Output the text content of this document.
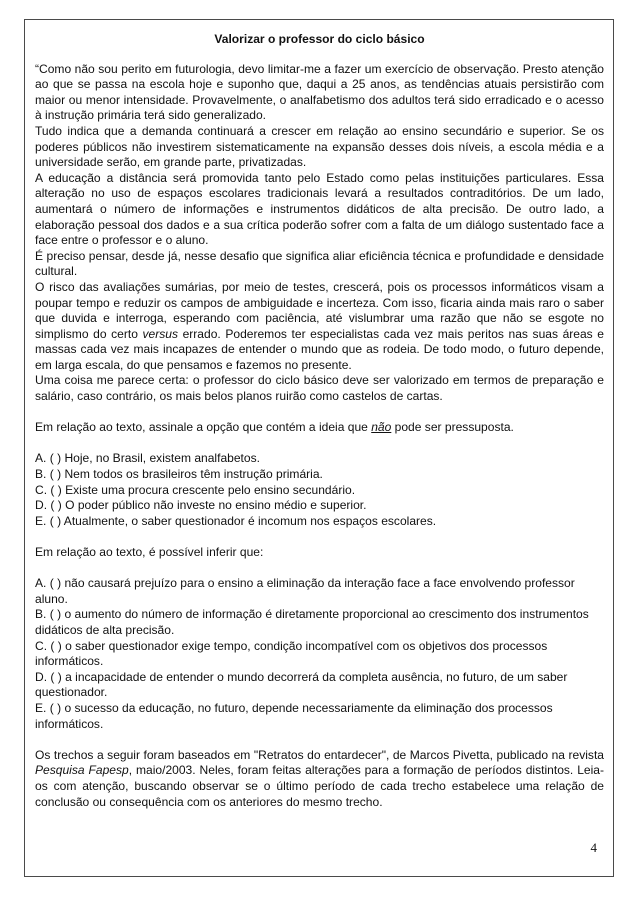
Valorizar o professor do ciclo básico

“Como não sou perito em futurologia, devo limitar-me a fazer um exercício de observação. Presto atenção ao que se passa na escola hoje e suponho que, daqui a 25 anos, as tendências atuais persistirão com maior ou menor intensidade. Provavelmente, o analfabetismo dos adultos terá sido erradicado e o acesso à instrução primária terá sido generalizado.

Tudo indica que a demanda continuará a crescer em relação ao ensino secundário e superior. Se os poderes públicos não investirem sistematicamente na expansão desses dois níveis, a escola média e a universidade serão, em grande parte, privatizadas.

A educação a distância será promovida tanto pelo Estado como pelas instituições particulares. Essa alteração no uso de espaços escolares tradicionais levará a resultados contraditórios. De um lado, aumentará o número de informações e instrumentos didáticos de alta precisão. De outro lado, a elaboração pessoal dos dados e a sua crítica poderão sofrer com a falta de um diálogo sustentado face a face entre o professor e o aluno.

É preciso pensar, desde já, nesse desafio que significa aliar eficiência técnica e profundidade e densidade cultural.

O risco das avaliações sumárias, por meio de testes, crescerá, pois os processos informáticos visam a poupar tempo e reduzir os campos de ambiguidade e incerteza. Com isso, ficaria ainda mais raro o saber que duvida e interroga, esperando com paciência, até vislumbrar uma razão que não se esgote no simplismo do certo versus errado. Poderemos ter especialistas cada vez mais peritos nas suas áreas e massas cada vez mais incapazes de entender o mundo que as rodeia. De todo modo, o futuro depende, em larga escala, do que pensamos e fazemos no presente.

Uma coisa me parece certa: o professor do ciclo básico deve ser valorizado em termos de preparação e salário, caso contrário, os mais belos planos ruirão como castelos de cartas.

Em relação ao texto, assinale a opção que contém a ideia que não pode ser pressuposta.

A. ( ) Hoje, no Brasil, existem analfabetos.

B. ( ) Nem todos os brasileiros têm instrução primária.

C. ( ) Existe uma procura crescente pelo ensino secundário.

D. ( ) O poder público não investe no ensino médio e superior.

E. ( ) Atualmente, o saber questionador é incomum nos espaços escolares.

Em relação ao texto, é possível inferir que:

A. ( ) não causará prejuízo para o ensino a eliminação da interação face a face envolvendo professor aluno.

B. ( ) o aumento do número de informação é diretamente proporcional ao crescimento dos instrumentos didáticos de alta precisão.

C. ( ) o saber questionador exige tempo, condição incompatível com os objetivos dos processos informáticos.

D. ( ) a incapacidade de entender o mundo decorrerá da completa ausência, no futuro, de um saber

questionador.

E. ( ) o sucesso da educação, no futuro, depende necessariamente da eliminação dos processos informáticos.

Os trechos a seguir foram baseados em "Retratos do entardecer", de Marcos Pivetta, publicado na revista Pesquisa Fapesp, maio/2003. Neles, foram feitas alterações para a formação de períodos distintos. Leia-os com atenção, buscando observar se o último período de cada trecho estabelece uma relação de conclusão ou consequência com os anteriores do mesmo trecho.

4
